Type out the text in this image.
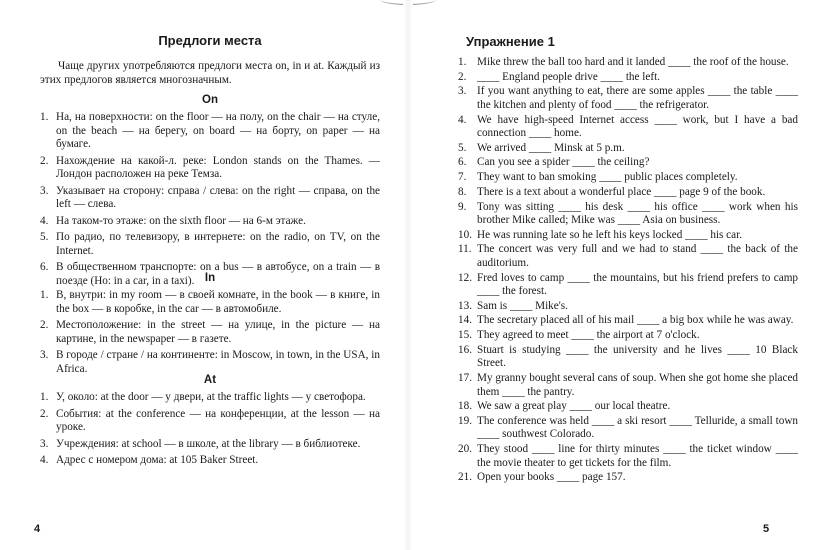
Предлоги места
Чаще других употребляются предлоги места on, in и at. Каждый из этих предлогов является многозначным.
On
1. На, на поверхности: on the floor — на полу, on the chair — на стуле, on the beach — на берегу, on board — на борту, on paper — на бумаге.
2. Нахождение на какой-л. реке: London stands on the Thames. — Лондон расположен на реке Темза.
3. Указывает на сторону: справа / слева: on the right — справа, on the left — слева.
4. На таком-то этаже: on the sixth floor — на 6-м этаже.
5. По радио, по телевизору, в интернете: on the radio, on TV, on the Internet.
6. В общественном транспорте: on a bus — в автобусе, on a train — в поезде (Но: in a car, in a taxi). In
1. В, внутри: in my room — в своей комнате, in the book — в книге, in the box — в коробке, in the car — в автомобиле.
2. Местоположение: in the street — на улице, in the picture — на картине, in the newspaper — в газете.
3. В городе / стране / на континенте: in Moscow, in town, in the USA, in Africa.
At
1. У, около: at the door — у двери, at the traffic lights — у светофора.
2. События: at the conference — на конференции, at the lesson — на уроке.
3. Учреждения: at school — в школе, at the library — в библиотеке.
4. Адрес с номером дома: at 105 Baker Street.
4
Упражнение 1
1. Mike threw the ball too hard and it landed ____ the roof of the house.
2. ____ England people drive ____ the left.
3. If you want anything to eat, there are some apples ____ the table ____ the kitchen and plenty of food ____ the refrigerator.
4. We have high-speed Internet access ____ work, but I have a bad connection ____ home.
5. We arrived ____ Minsk at 5 p.m.
6. Can you see a spider ____ the ceiling?
7. They want to ban smoking ____ public places completely.
8. There is a text about a wonderful place ____ page 9 of the book.
9. Tony was sitting ____ his desk ____ his office ____ work when his brother Mike called; Mike was ____ Asia on business.
10. He was running late so he left his keys locked ____ his car.
11. The concert was very full and we had to stand ____ the back of the auditorium.
12. Fred loves to camp ____ the mountains, but his friend prefers to camp ____ the forest.
13. Sam is ____ Mike's.
14. The secretary placed all of his mail ____ a big box while he was away.
15. They agreed to meet ____ the airport at 7 o'clock.
16. Stuart is studying ____ the university and he lives ____ 10 Black Street.
17. My granny bought several cans of soup. When she got home she placed them ____ the pantry.
18. We saw a great play ____ our local theatre.
19. The conference was held ____ a ski resort ____ Telluride, a small town ____ southwest Colorado.
20. They stood ____ line for thirty minutes ____ the ticket window ____ the movie theater to get tickets for the film.
21. Open your books ____ page 157.
5
